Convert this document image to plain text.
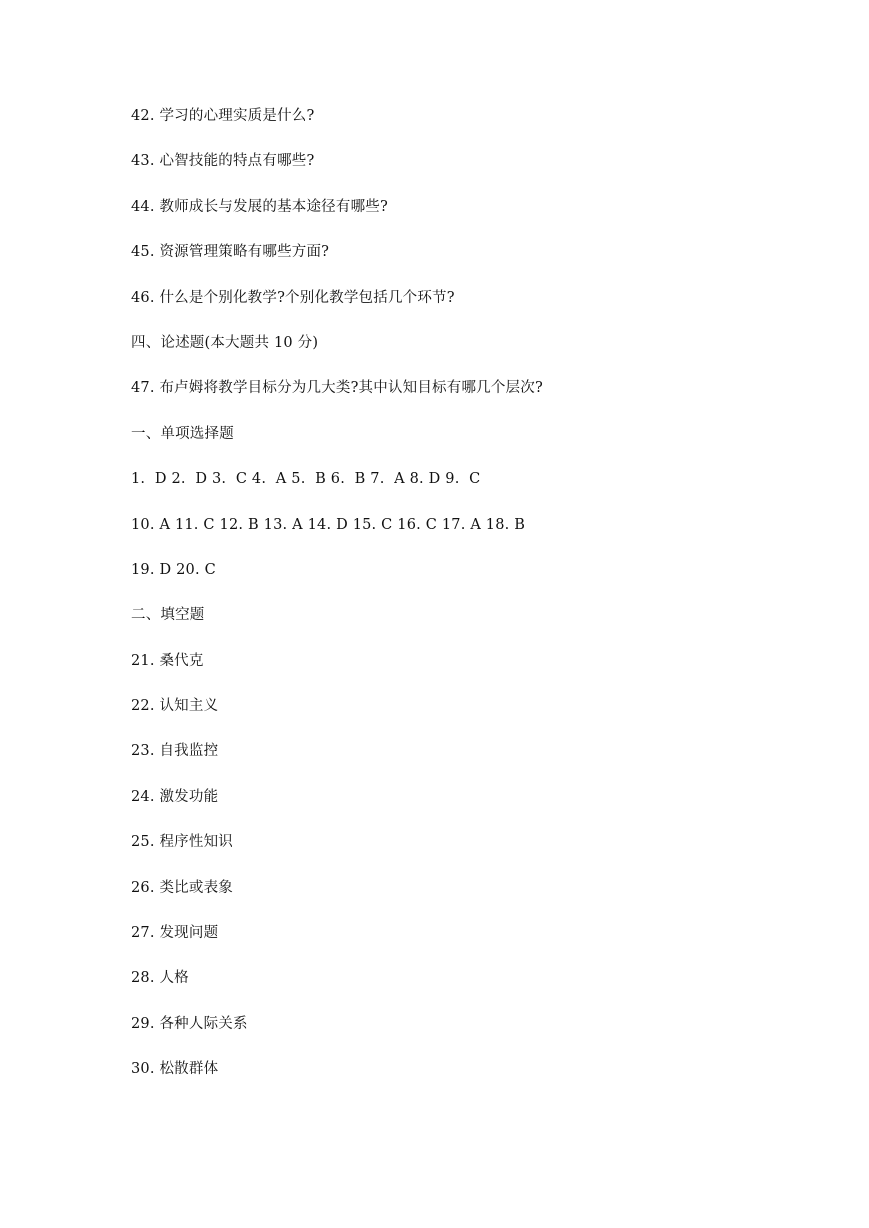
42. 学习的心理实质是什么?
43. 心智技能的特点有哪些?
44. 教师成长与发展的基本途径有哪些?
45. 资源管理策略有哪些方面?
46. 什么是个别化教学?个别化教学包括几个环节?
四、论述题(本大题共 10 分)
47. 布卢姆将教学目标分为几大类?其中认知目标有哪几个层次?
一、单项选择题
1.  D 2.  D 3.  C 4.  A 5.  B 6.  B 7.  A 8. D 9.  C
10. A 11. C 12. B 13. A 14. D 15. C 16. C 17. A 18. B
19. D 20. C
二、填空题
21. 桑代克
22. 认知主义
23. 自我监控
24. 激发功能
25. 程序性知识
26. 类比或表象
27. 发现问题
28. 人格
29. 各种人际关系
30. 松散群体
